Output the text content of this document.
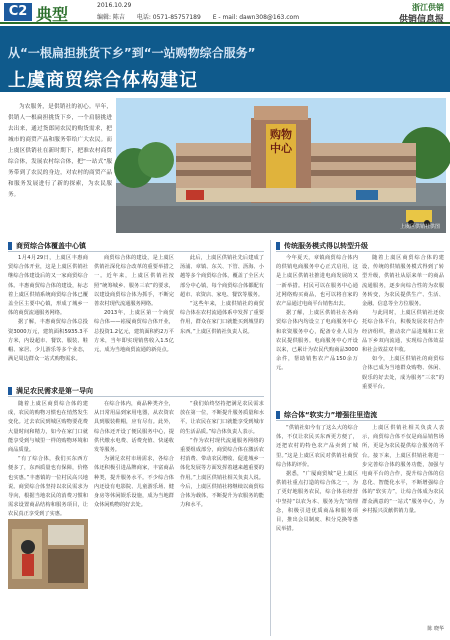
C2 典型	2016.10.29
编辑: 陈吉 电话: 0571-85757189 E - mail: dawn308@163.com
浙江供销
供销信息报
从“一根扁担挑货下乡”到“一站购物综合服务”
上虞商贸综合体构建记
为农服务，是供销社的初心。早年，供销人一根扁担挑货下乡，一个肩膀挑进去出来，通过货郎同农民的购货需求，把城市的商贸产品和服务带给广大农民。而上虞区供销社在新时期下，把准农村商贸综合体，发展农村综合体，把“一站式”服务带到了农民的身边，对农村的商贸产品和服务发展进行了新的探索，为农民服务。
购物中心
上虞区供销社供图
商贸综合体覆盖中心镇

1月4月29日，上虞区丰惠商贸综合体开业，这是上虞区供销社继综合体建设后的又一家商贸综合体。丰惠商贸综合体的建设，标志着上虞区供销系统商贸综合体已覆盖全区主要中心镇，形成了城乡一体的商贸流通服务网络。

据了解，丰惠商贸综合体总投资3000万元，建筑面积5935.3平方米，内设超市、餐饮、服装、鞋帽、家居、少儿游乐等多个业态，满足周边群众一站式购物需求。

商贸综合体的建设，是上虞区供销社深化综合改革的重要举措之一。近年来，上虞区供销社按照“统筹城乡、服务三农”的要求，以建设商贸综合体为抓手，不断完善农村现代流通服务网络。

2013年，上虞区第一个商贸综合体——崧厦商贸综合体开业，总投资1.2亿元，建筑面积约2万平方米，当年即实现销售收入1.5亿元，成为当地商贸流通的新亮点。

此后，上虞区供销社先后建成了汤浦、章镇、东关、下管、沥海、小越等多个商贸综合体，覆盖了全区大部分中心镇，每个商贸综合体都配有超市、农资店、家电、餐饮等服务。

“这些年来，上虞供销社的商贸综合体在农村流通体系中发挥了重要作用，群众在家门口就能买到城里的东西。”上虞区供销社负责人说。

满足农民需求是第一导向

随着上虞区商贸综合体的建成，农民的购物习惯也在悄然发生变化。过去农民到城区购物要花费大量时间和精力，如今在家门口就能享受到与城里一样的购物环境和商品质量。

“有了综合体，我们买东西方便多了，东西质量也有保障，价格也实惠。”丰惠镇的一位村民高兴地说。商贸综合体坚持以农民需求为导向，根据当地农民的消费习惯和需求设置商品结构和服务项目，让农民真正享受到了实惠。

在综合体内，商品种类齐全，从日常用品到家用电器，从农资农具到服装鞋帽，应有尽有。此外，综合体还开设了便民服务中心，提供代缴水电费、话费充值、快递收发等服务。

为满足农村市场需求，各综合体还积极引进品牌商家，丰富商品种类，提升服务水平。不少综合体内还设有电影院、儿童游乐场、健身房等休闲娱乐设施，成为当地群众休闲购物的好去处。

“我们始终坚持把满足农民需求放在第一位，不断提升服务质量和水平，让农民在家门口就能享受到城市的生活品质。”综合体负责人表示。

“作为农村现代流通服务网络的重要组成部分，商贸综合体在激活农村消费、带动农民增收、促进城乡一体化发展等方面发挥着越来越重要的作用。”上虞区供销社相关负责人说。今后，上虞区供销社将继续以商贸综合体为载体，不断提升为农服务的能力和水平。

传统服务模式得以转型升级

今年夏天，章镇商贸综合体内的供销电商服务中心正式启用，这是上虞区供销社推进电商发展的又一新举措。村民可以在服务中心通过网络购买商品，也可以将自家的农产品通过电商平台销售出去。

据了解，上虞区供销社在各商贸综合体内均设立了电商服务中心和农资服务中心，配备专业人员为农民提供服务。电商服务中心开设以来，已累计为农民代购商品3000余件，帮助销售农产品150余万元。

随着上虞区商贸综合体的建设，传统的供销服务模式得到了转型升级，供销社从原来单一的商品流通服务，逐步向综合性的为农服务转变，为农民提供生产、生活、金融、信息等全方位服务。

与此同时，上虞区供销社还依托综合体平台，积极发展农村合作经济组织，推动农产品进城和工业品下乡双向流通，实现综合体效益和社会效益双丰收。

如今，上虞区供销社的商贸综合体已成为当地群众购物、休闲、娱乐的好去处，成为服务“三农”的重要平台。

综合体“软实力”增强往里造流

“供销社如今有了这么大的综合体，不仅让农民买东西更方便了，还把农村的特色农产品卖到了城里。”这是上虞区农民对供销社商贸综合体的评价。

据悉，“广厦商贸城”是上虞区供销社重点打造的综合体之一，为了更好地服务农民，综合体在经营中坚持“以农为本、服务为先”的理念，积极引进优质商品和服务项目，推出会员制度、积分兑换等惠民举措。

上虞区供销社相关负责人表示，商贸综合体不仅是商品销售场所，更是为农民提供综合服务的平台。接下来，上虞区供销社将进一步完善综合体的服务功能，加强与电商平台的合作，提升综合体的信息化、智能化水平，不断增强综合体的“软实力”，让综合体成为农民群众满意的“一站式”服务中心，为乡村振兴贡献供销力量。

陈 晓华
